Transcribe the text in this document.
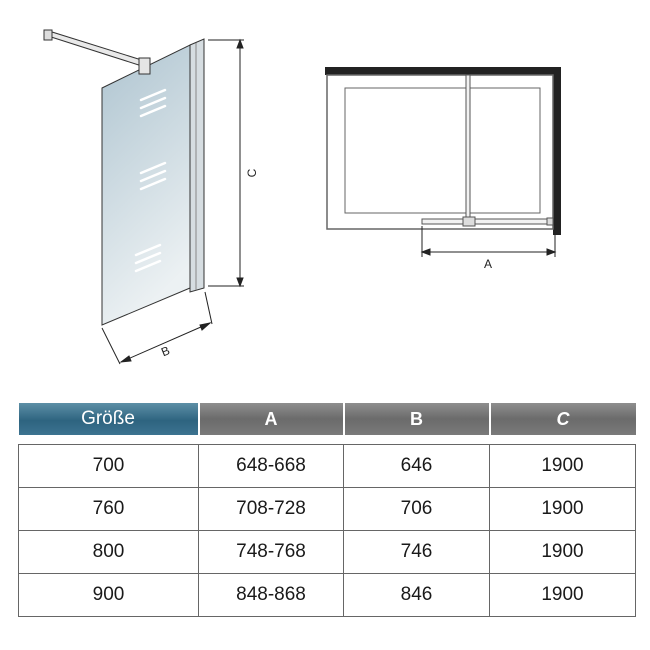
C
B
A
Größe	A	B	C

700	648-668	646	1900
760	708-728	706	1900
800	748-768	746	1900
900	848-868	846	1900
